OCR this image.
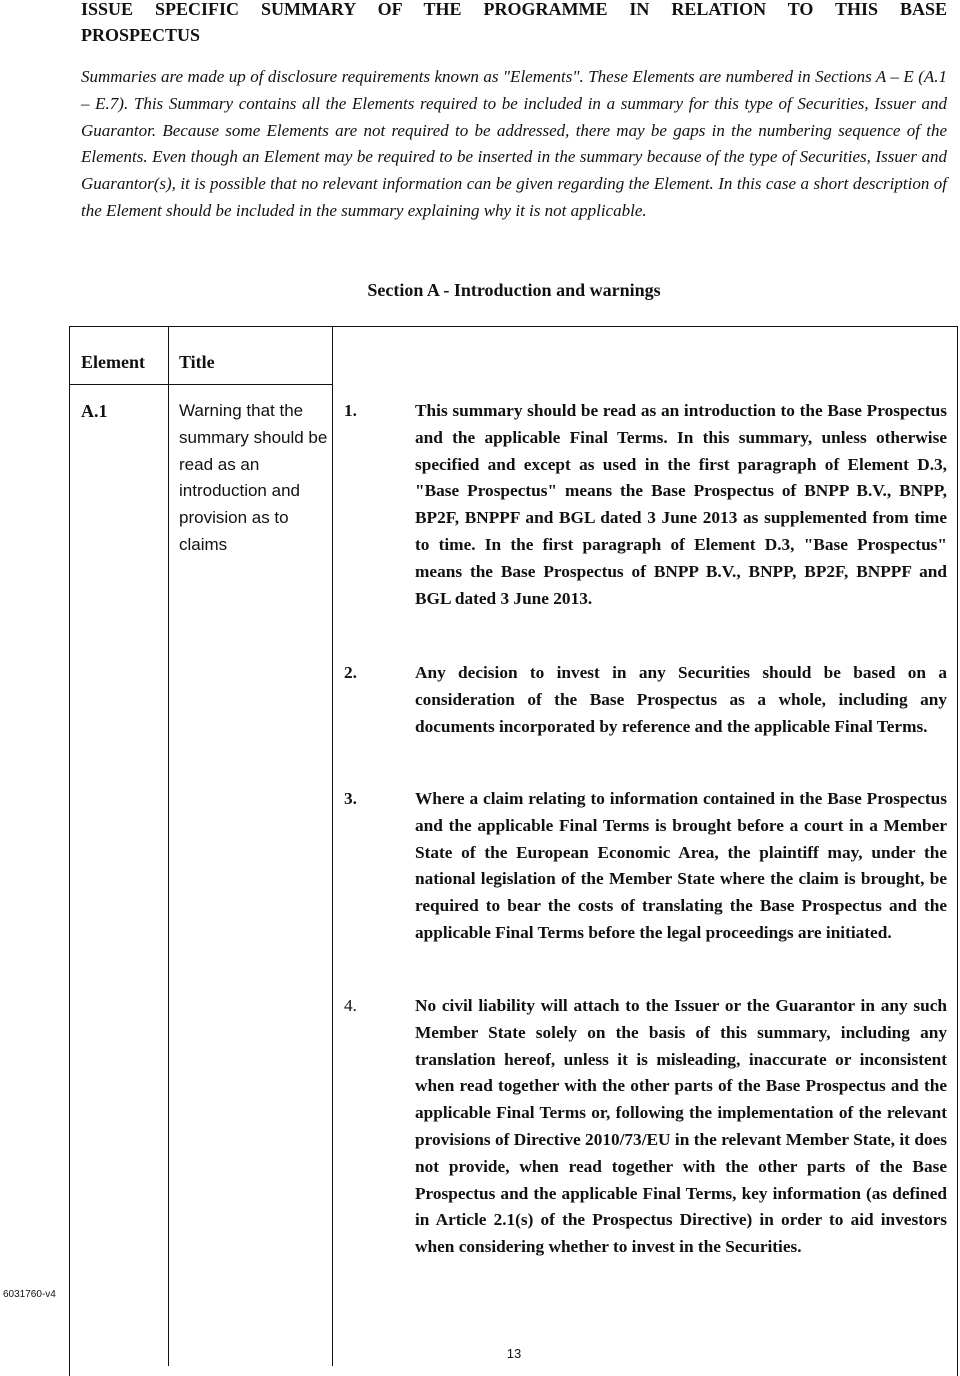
ISSUE SPECIFIC SUMMARY OF THE PROGRAMME IN RELATION TO THIS BASE
PROSPECTUS

Summaries are made up of disclosure requirements known as "Elements". These Elements are numbered in Sections A – E (A.1 – E.7). This Summary contains all the Elements required to be included in a summary for this type of Securities, Issuer and Guarantor. Because some Elements are not required to be addressed, there may be gaps in the numbering sequence of the Elements. Even though an Element may be required to be inserted in the summary because of the type of Securities, Issuer and Guarantor(s), it is possible that no relevant information can be given regarding the Element. In this case a short description of the Element should be included in the summary explaining why it is not applicable.

Section A - Introduction and warnings
Element Title
A.1	Warning that the summary should be read as an introduction and provision as to claims
1.	This summary should be read as an introduction to the Base Prospectus and the applicable Final Terms. In this summary, unless otherwise specified and except as used in the first paragraph of Element D.3, "Base Prospectus" means the Base Prospectus of BNPP B.V., BNPP, BP2F, BNPPF and BGL dated 3 June 2013 as supplemented from time to time. In the first paragraph of Element D.3, "Base Prospectus" means the Base Prospectus of BNPP B.V., BNPP, BP2F, BNPPF and BGL dated 3 June 2013.
2.	Any decision to invest in any Securities should be based on a consideration of the Base Prospectus as a whole, including any documents incorporated by reference and the applicable Final Terms.
3.	Where a claim relating to information contained in the Base Prospectus and the applicable Final Terms is brought before a court in a Member State of the European Economic Area, the plaintiff may, under the national legislation of the Member State where the claim is brought, be required to bear the costs of translating the Base Prospectus and the applicable Final Terms before the legal proceedings are initiated.
4.	No civil liability will attach to the Issuer or the Guarantor in any such Member State solely on the basis of this summary, including any translation hereof, unless it is misleading, inaccurate or inconsistent when read together with the other parts of the Base Prospectus and the applicable Final Terms or, following the implementation of the relevant provisions of Directive 2010/73/EU in the relevant Member State, it does not provide, when read together with the other parts of the Base Prospectus and the applicable Final Terms, key information (as defined in Article 2.1(s) of the Prospectus Directive) in order to aid investors when considering whether to invest in the Securities.
6031760-v4
13
